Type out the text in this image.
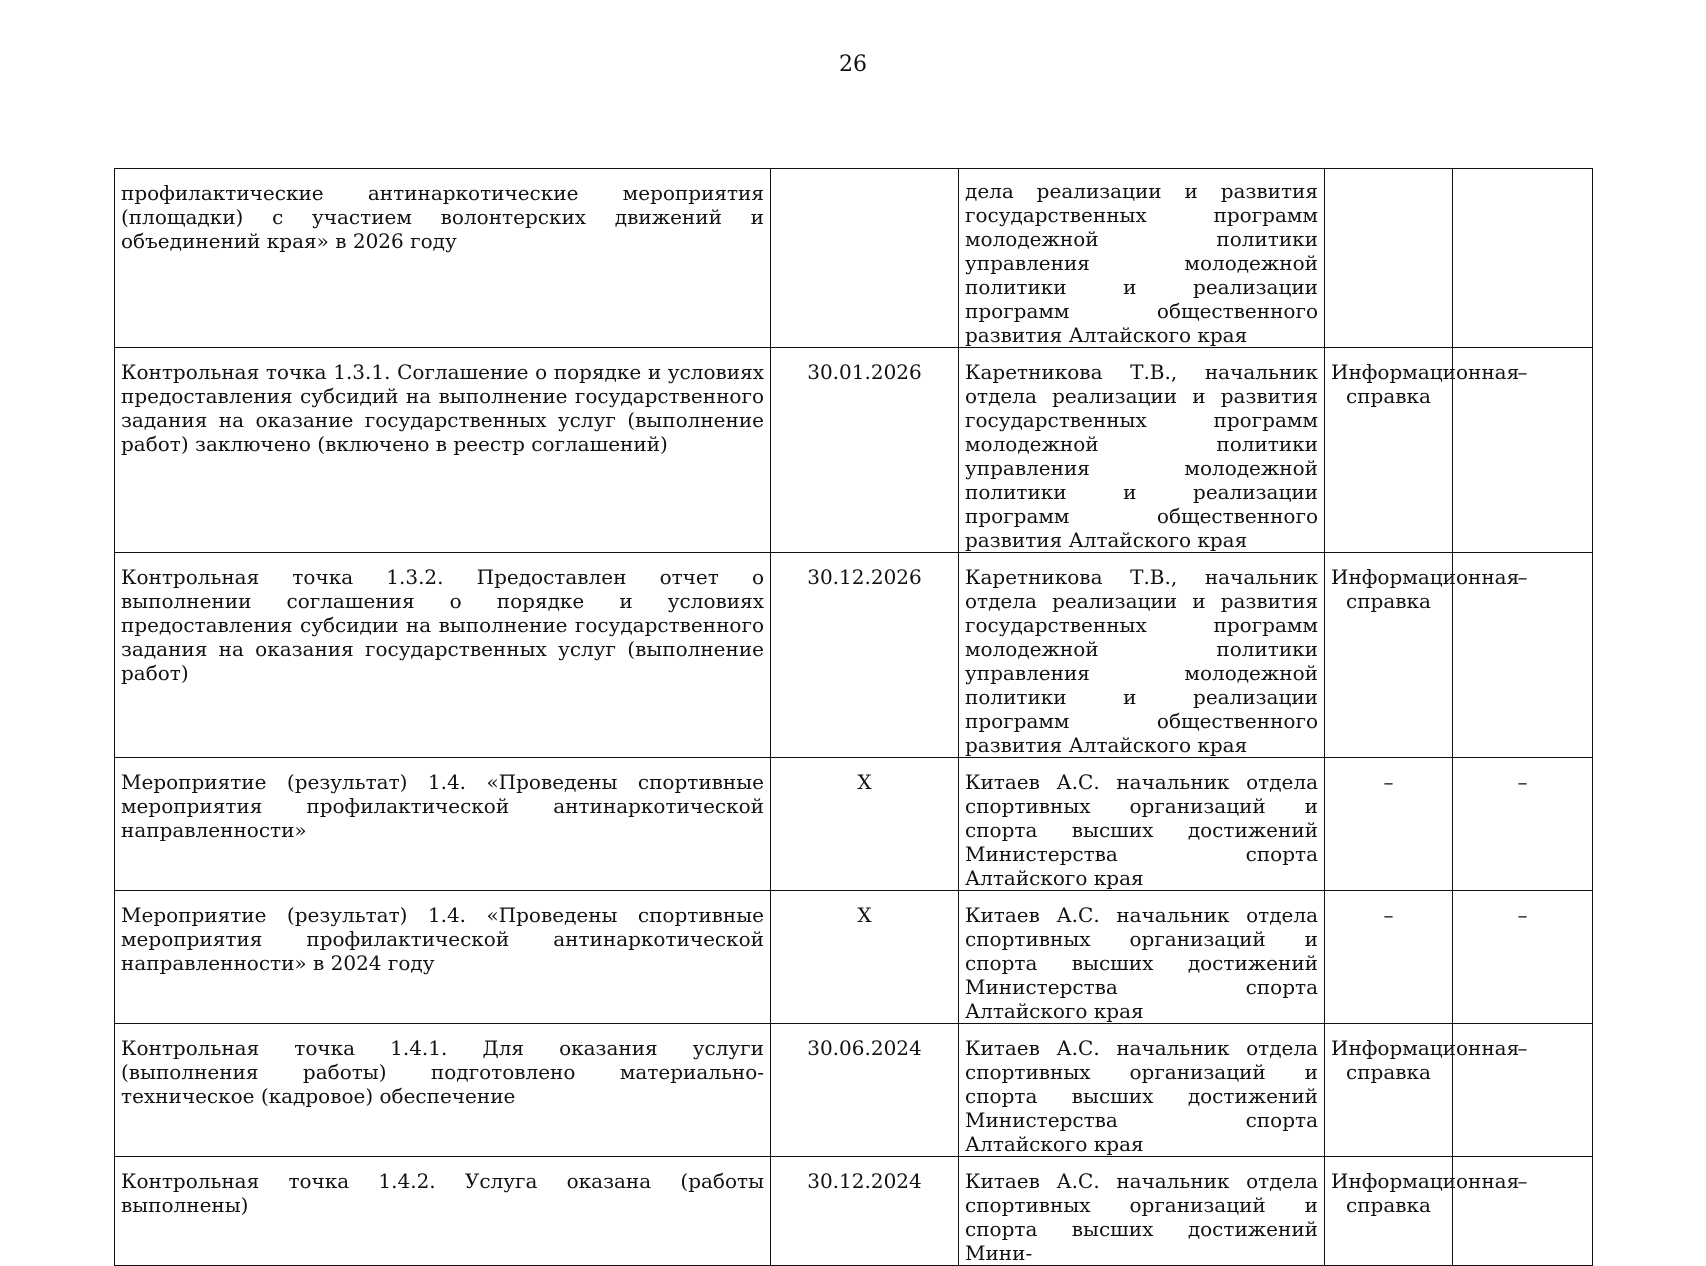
26
профилактические антинаркотические мероприятия (площадки) с участием волонтерских движений и объединений края» в 2026 году		дела реализации и развития государственных программ молодежной политики управления молодежной политики и реализации программ общественного развития Алтайского края		
Контрольная точка 1.3.1. Соглашение о порядке и условиях предоставления субсидий на выполнение государственного задания на оказание государственных услуг (выполнение работ) заключено (включено в реестр соглашений)	30.01.2026	Каретникова Т.В., начальник отдела реализации и развития государственных программ молодежной политики управления молодежной политики и реализации программ общественного развития Алтайского края	Информационная справка	–
Контрольная точка 1.3.2. Предоставлен отчет о выполнении соглашения о порядке и условиях предоставления субсидии на выполнение государственного задания на оказания государственных услуг (выполнение работ)	30.12.2026	Каретникова Т.В., начальник отдела реализации и развития государственных программ молодежной политики управления молодежной политики и реализации программ общественного развития Алтайского края	Информационная справка	–
Мероприятие (результат) 1.4. «Проведены спортивные мероприятия профилактической антинаркотической направленности»	X	Китаев А.С. начальник отдела спортивных организаций и спорта высших достижений Министерства спорта Алтайского края	–	–
Мероприятие (результат) 1.4. «Проведены спортивные мероприятия профилактической антинаркотической направленности» в 2024 году	X	Китаев А.С. начальник отдела спортивных организаций и спорта высших достижений Министерства спорта Алтайского края	–	–
Контрольная точка 1.4.1. Для оказания услуги (выполнения работы) подготовлено материально-техническое (кадровое) обеспечение	30.06.2024	Китаев А.С. начальник отдела спортивных организаций и спорта высших достижений Министерства спорта Алтайского края	Информационная справка	–
Контрольная точка 1.4.2. Услуга оказана (работы выполнены)	30.12.2024	Китаев А.С. начальник отдела спортивных организаций и спорта высших достижений Мини-	Информационная справка	–
